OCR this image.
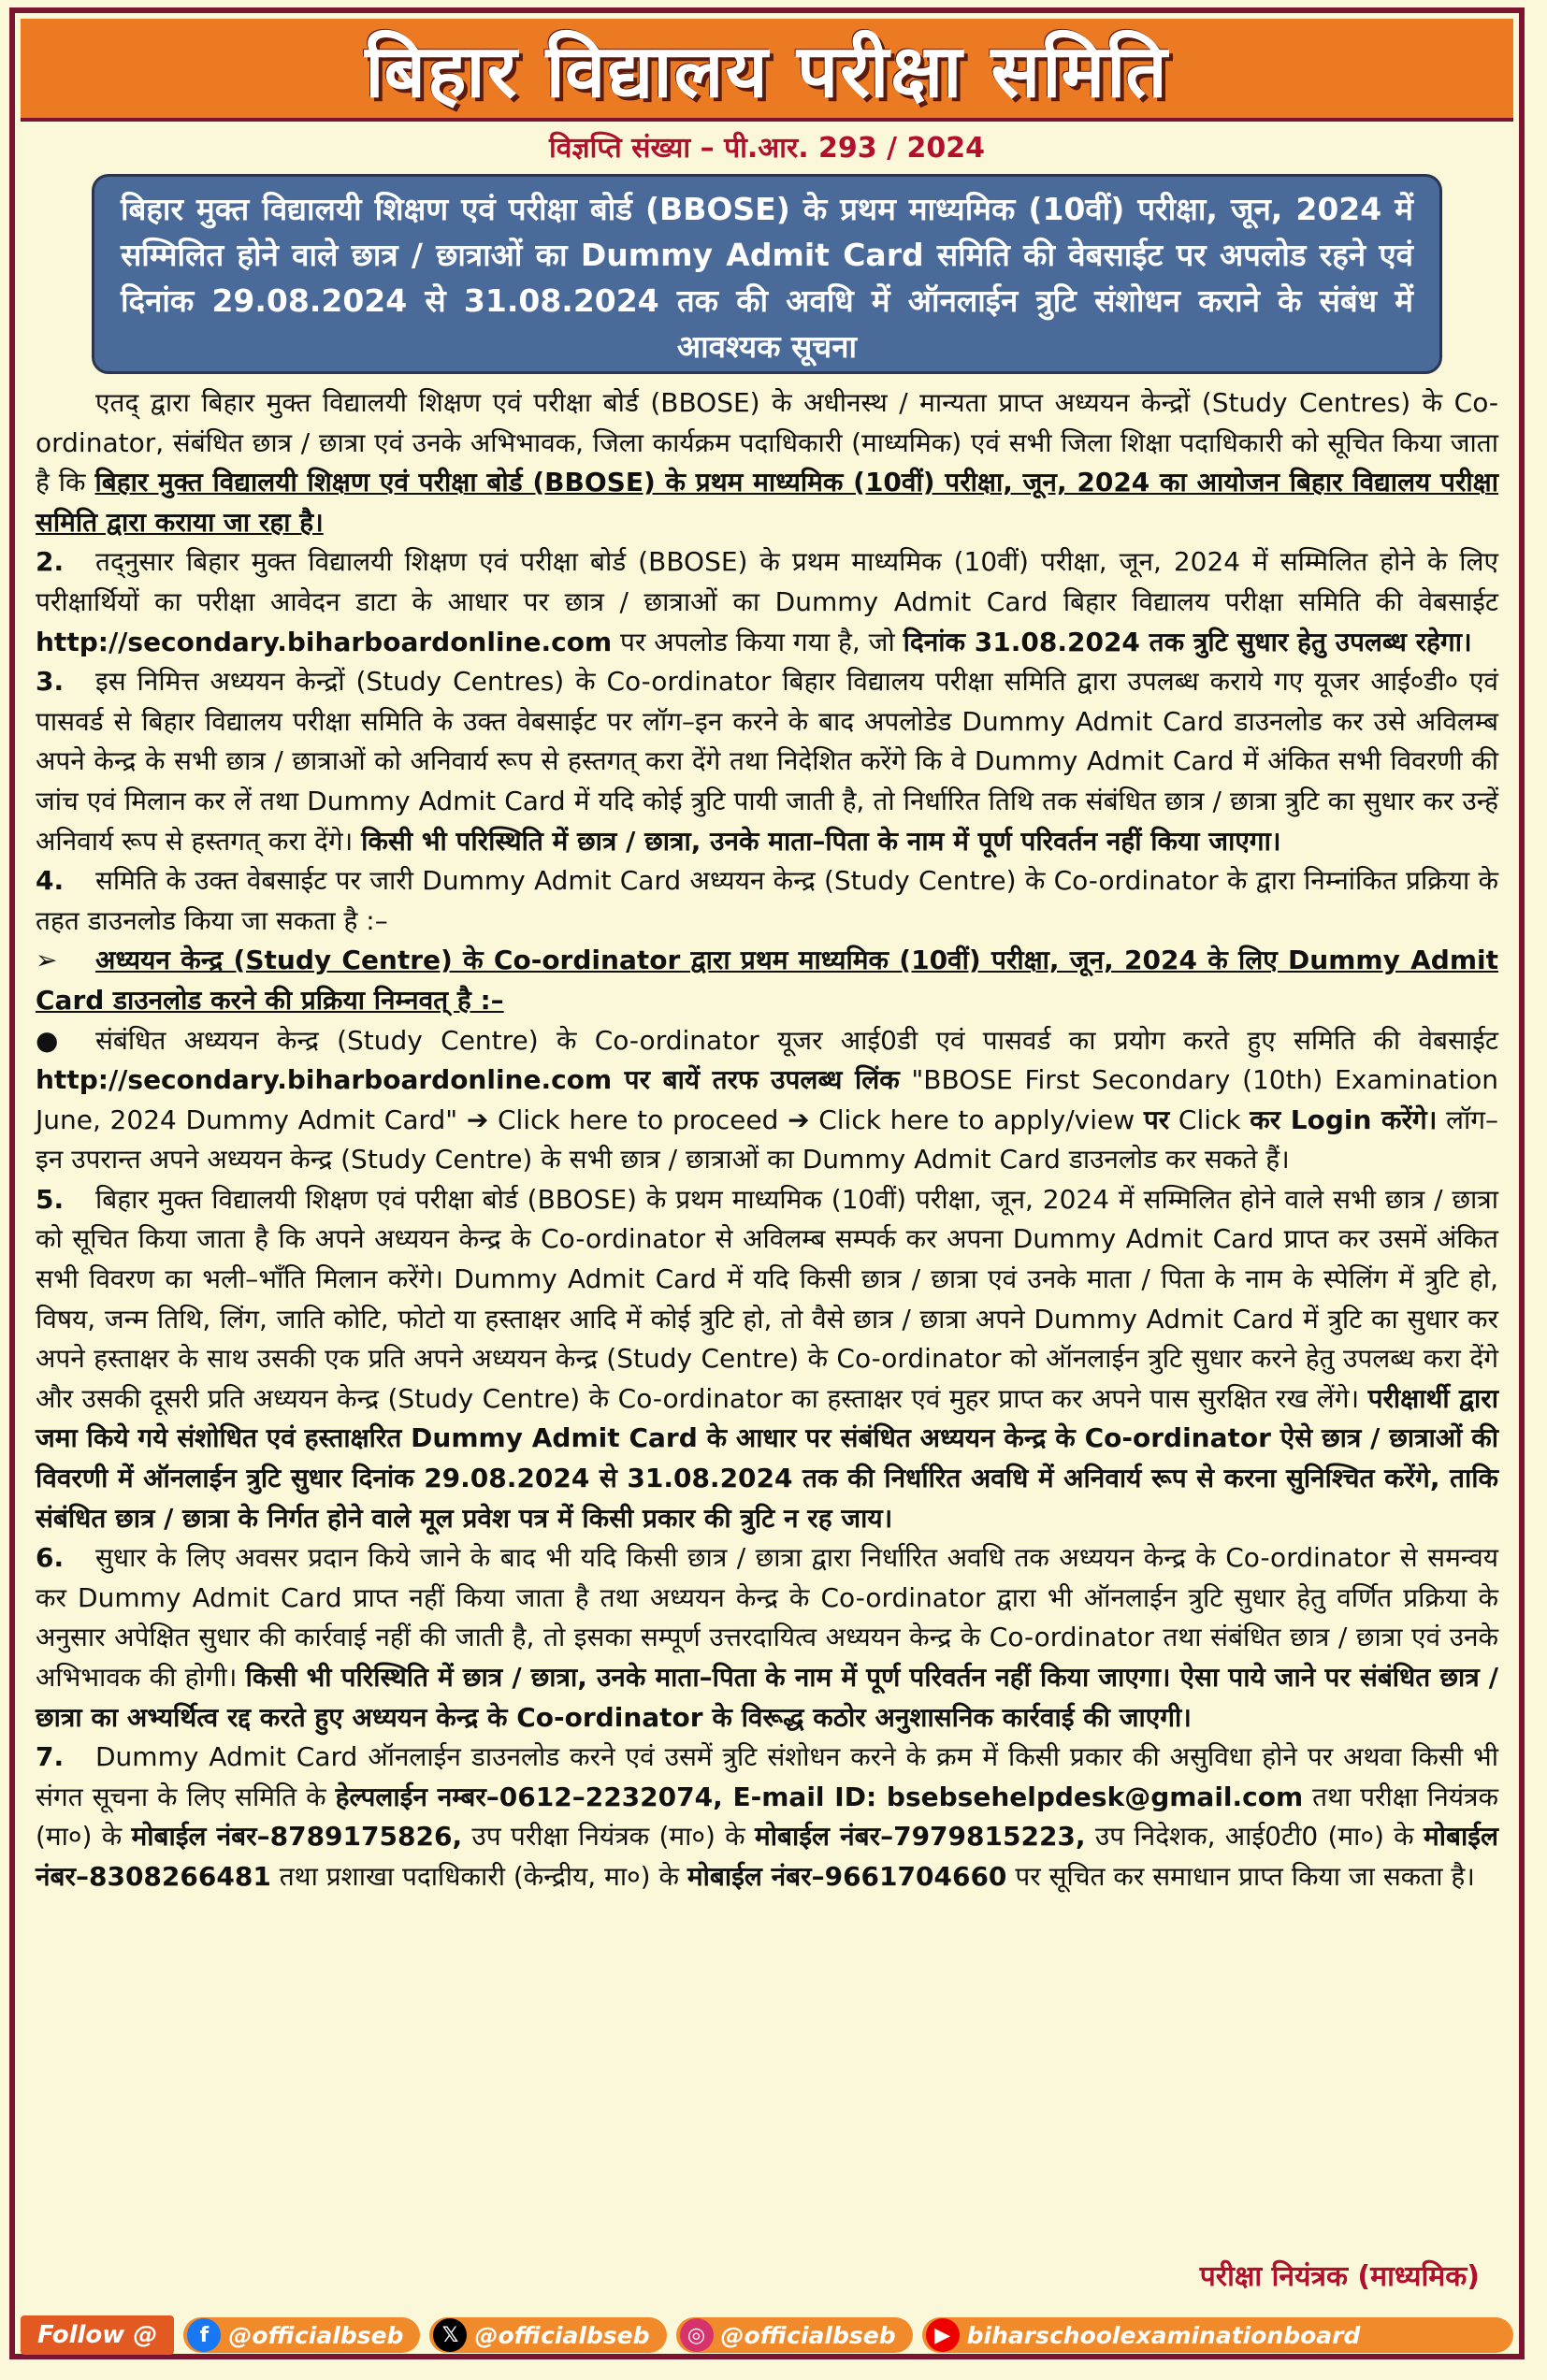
बिहार विद्यालय परीक्षा समिति
विज्ञप्ति संख्या – पी.आर. 293 / 2024
बिहार मुक्त विद्यालयी शिक्षण एवं परीक्षा बोर्ड (BBOSE) के प्रथम माध्यमिक (10वीं) परीक्षा, जून, 2024 में सम्मिलित होने वाले छात्र / छात्राओं का Dummy Admit Card समिति की वेबसाईट पर अपलोड रहने एवं दिनांक 29.08.2024 से 31.08.2024 तक की अवधि में ऑनलाईन त्रुटि संशोधन कराने के संबंध में आवश्यक सूचना

एतद् द्वारा बिहार मुक्त विद्यालयी शिक्षण एवं परीक्षा बोर्ड (BBOSE) के अधीनस्थ / मान्यता प्राप्त अध्ययन केन्द्रों (Study Centres) के Co-ordinator, संबंधित छात्र / छात्रा एवं उनके अभिभावक, जिला कार्यक्रम पदाधिकारी (माध्यमिक) एवं सभी जिला शिक्षा पदाधिकारी को सूचित किया जाता है कि बिहार मुक्त विद्यालयी शिक्षण एवं परीक्षा बोर्ड (BBOSE) के प्रथम माध्यमिक (10वीं) परीक्षा, जून, 2024 का आयोजन बिहार विद्यालय परीक्षा समिति द्वारा कराया जा रहा है।

2. तद्नुसार बिहार मुक्त विद्यालयी शिक्षण एवं परीक्षा बोर्ड (BBOSE) के प्रथम माध्यमिक (10वीं) परीक्षा, जून, 2024 में सम्मिलित होने के लिए परीक्षार्थियों का परीक्षा आवेदन डाटा के आधार पर छात्र / छात्राओं का Dummy Admit Card बिहार विद्यालय परीक्षा समिति की वेबसाईट http://secondary.biharboardonline.com पर अपलोड किया गया है, जो दिनांक 31.08.2024 तक त्रुटि सुधार हेतु उपलब्ध रहेगा।

3. इस निमित्त अध्ययन केन्द्रों (Study Centres) के Co-ordinator बिहार विद्यालय परीक्षा समिति द्वारा उपलब्ध कराये गए यूजर आई०डी० एवं पासवर्ड से बिहार विद्यालय परीक्षा समिति के उक्त वेबसाईट पर लॉग–इन करने के बाद अपलोडेड Dummy Admit Card डाउनलोड कर उसे अविलम्ब अपने केन्द्र के सभी छात्र / छात्राओं को अनिवार्य रूप से हस्तगत् करा देंगे तथा निदेशित करेंगे कि वे Dummy Admit Card में अंकित सभी विवरणी की जांच एवं मिलान कर लें तथा Dummy Admit Card में यदि कोई त्रुटि पायी जाती है, तो निर्धारित तिथि तक संबंधित छात्र / छात्रा त्रुटि का सुधार कर उन्हें अनिवार्य रूप से हस्तगत् करा देंगे। किसी भी परिस्थिति में छात्र / छात्रा, उनके माता–पिता के नाम में पूर्ण परिवर्तन नहीं किया जाएगा।

4. समिति के उक्त वेबसाईट पर जारी Dummy Admit Card अध्ययन केन्द्र (Study Centre) के Co-ordinator के द्वारा निम्नांकित प्रक्रिया के तहत डाउनलोड किया जा सकता है :–

➢ अध्ययन केन्द्र (Study Centre) के Co-ordinator द्वारा प्रथम माध्यमिक (10वीं) परीक्षा, जून, 2024 के लिए Dummy Admit Card डाउनलोड करने की प्रक्रिया निम्नवत् है :–

● संबंधित अध्ययन केन्द्र (Study Centre) के Co-ordinator यूजर आई0डी एवं पासवर्ड का प्रयोग करते हुए समिति की वेबसाईट http://secondary.biharboardonline.com पर बायें तरफ उपलब्ध लिंक "BBOSE First Secondary (10th) Examination June, 2024 Dummy Admit Card" ➔ Click here to proceed ➔ Click here to apply/view पर Click कर Login करेंगे। लॉग–इन उपरान्त अपने अध्ययन केन्द्र (Study Centre) के सभी छात्र / छात्राओं का Dummy Admit Card डाउनलोड कर सकते हैं।

5. बिहार मुक्त विद्यालयी शिक्षण एवं परीक्षा बोर्ड (BBOSE) के प्रथम माध्यमिक (10वीं) परीक्षा, जून, 2024 में सम्मिलित होने वाले सभी छात्र / छात्रा को सूचित किया जाता है कि अपने अध्ययन केन्द्र के Co-ordinator से अविलम्ब सम्पर्क कर अपना Dummy Admit Card प्राप्त कर उसमें अंकित सभी विवरण का भली–भाँति मिलान करेंगे। Dummy Admit Card में यदि किसी छात्र / छात्रा एवं उनके माता / पिता के नाम के स्पेलिंग में त्रुटि हो, विषय, जन्म तिथि, लिंग, जाति कोटि, फोटो या हस्ताक्षर आदि में कोई त्रुटि हो, तो वैसे छात्र / छात्रा अपने Dummy Admit Card में त्रुटि का सुधार कर अपने हस्ताक्षर के साथ उसकी एक प्रति अपने अध्ययन केन्द्र (Study Centre) के Co-ordinator को ऑनलाईन त्रुटि सुधार करने हेतु उपलब्ध करा देंगे और उसकी दूसरी प्रति अध्ययन केन्द्र (Study Centre) के Co-ordinator का हस्ताक्षर एवं मुहर प्राप्त कर अपने पास सुरक्षित रख लेंगे। परीक्षार्थी द्वारा जमा किये गये संशोधित एवं हस्ताक्षरित Dummy Admit Card के आधार पर संबंधित अध्ययन केन्द्र के Co-ordinator ऐसे छात्र / छात्राओं की विवरणी में ऑनलाईन त्रुटि सुधार दिनांक 29.08.2024 से 31.08.2024 तक की निर्धारित अवधि में अनिवार्य रूप से करना सुनिश्चित करेंगे, ताकि संबंधित छात्र / छात्रा के निर्गत होने वाले मूल प्रवेश पत्र में किसी प्रकार की त्रुटि न रह जाय।

6. सुधार के लिए अवसर प्रदान किये जाने के बाद भी यदि किसी छात्र / छात्रा द्वारा निर्धारित अवधि तक अध्ययन केन्द्र के Co-ordinator से समन्वय कर Dummy Admit Card प्राप्त नहीं किया जाता है तथा अध्ययन केन्द्र के Co-ordinator द्वारा भी ऑनलाईन त्रुटि सुधार हेतु वर्णित प्रक्रिया के अनुसार अपेक्षित सुधार की कार्रवाई नहीं की जाती है, तो इसका सम्पूर्ण उत्तरदायित्व अध्ययन केन्द्र के Co-ordinator तथा संबंधित छात्र / छात्रा एवं उनके अभिभावक की होगी। किसी भी परिस्थिति में छात्र / छात्रा, उनके माता–पिता के नाम में पूर्ण परिवर्तन नहीं किया जाएगा। ऐसा पाये जाने पर संबंधित छात्र / छात्रा का अभ्यर्थित्व रद्द करते हुए अध्ययन केन्द्र के Co-ordinator के विरूद्ध कठोर अनुशासनिक कार्रवाई की जाएगी।

7. Dummy Admit Card ऑनलाईन डाउनलोड करने एवं उसमें त्रुटि संशोधन करने के क्रम में किसी प्रकार की असुविधा होने पर अथवा किसी भी संगत सूचना के लिए समिति के हेल्पलाईन नम्बर–0612–2232074, E-mail ID: bsebsehelpdesk@gmail.com तथा परीक्षा नियंत्रक (मा०) के मोबाईल नंबर–8789175826, उप परीक्षा नियंत्रक (मा०) के मोबाईल नंबर–7979815223, उप निदेशक, आई0टी0 (मा०) के मोबाईल नंबर–8308266481 तथा प्रशाखा पदाधिकारी (केन्द्रीय, मा०) के मोबाईल नंबर–9661704660 पर सूचित कर समाधान प्राप्त किया जा सकता है।

परीक्षा नियंत्रक (माध्यमिक)
Follow @	f @officialbseb	𝕏 @officialbseb	◎ @officialbseb	▶ biharschoolexaminationboard
